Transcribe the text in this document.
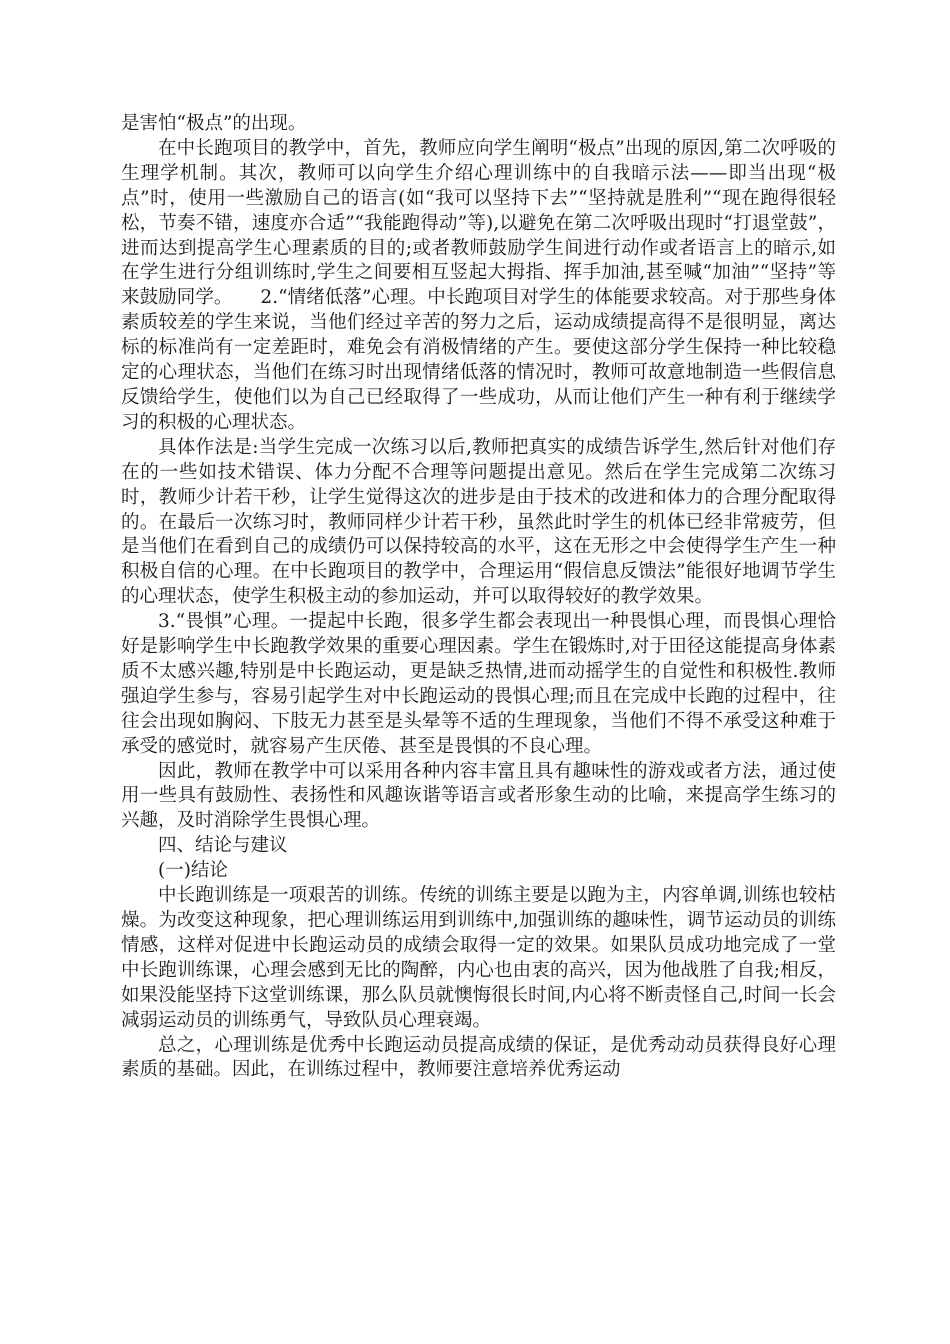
是害怕“极点”的出现。

在中长跑项目的教学中，首先，教师应向学生阐明“极点”出现的原因,第二次呼吸的生理学机制。其次，教师可以向学生介绍心理训练中的自我暗示法——即当出现“极点”时，使用一些激励自己的语言(如“我可以坚持下去”“坚持就是胜利”“现在跑得很轻松，节奏不错，速度亦合适”“我能跑得动”等),以避免在第二次呼吸出现时“打退堂鼓”，进而达到提高学生心理素质的目的;或者教师鼓励学生间进行动作或者语言上的暗示,如在学生进行分组训练时,学生之间要相互竖起大拇指、挥手加油,甚至喊“加油”“坚持”等来鼓励同学。　　2.“情绪低落”心理。中长跑项目对学生的体能要求较高。对于那些身体素质较差的学生来说，当他们经过辛苦的努力之后，运动成绩提高得不是很明显，离达标的标准尚有一定差距时，难免会有消极情绪的产生。要使这部分学生保持一种比较稳定的心理状态，当他们在练习时出现情绪低落的情况时，教师可故意地制造一些假信息反馈给学生，使他们以为自己已经取得了一些成功，从而让他们产生一种有利于继续学习的积极的心理状态。

具体作法是:当学生完成一次练习以后,教师把真实的成绩告诉学生,然后针对他们存在的一些如技术错误、体力分配不合理等问题提出意见。然后在学生完成第二次练习时，教师少计若干秒，让学生觉得这次的进步是由于技术的改进和体力的合理分配取得的。在最后一次练习时，教师同样少计若干秒，虽然此时学生的机体已经非常疲劳，但是当他们在看到自己的成绩仍可以保持较高的水平，这在无形之中会使得学生产生一种积极自信的心理。在中长跑项目的教学中，合理运用“假信息反馈法”能很好地调节学生的心理状态，使学生积极主动的参加运动，并可以取得较好的教学效果。

3.“畏惧”心理。一提起中长跑，很多学生都会表现出一种畏惧心理，而畏惧心理恰好是影响学生中长跑教学效果的重要心理因素。学生在锻炼时,对于田径这能提高身体素质不太感兴趣,特别是中长跑运动，更是缺乏热情,进而动摇学生的自觉性和积极性.教师强迫学生参与，容易引起学生对中长跑运动的畏惧心理;而且在完成中长跑的过程中，往往会出现如胸闷、下肢无力甚至是头晕等不适的生理现象，当他们不得不承受这种难于承受的感觉时，就容易产生厌倦、甚至是畏惧的不良心理。

因此，教师在教学中可以采用各种内容丰富且具有趣味性的游戏或者方法，通过使用一些具有鼓励性、表扬性和风趣诙谐等语言或者形象生动的比喻，来提高学生练习的兴趣，及时消除学生畏惧心理。

四、结论与建议

(一)结论

中长跑训练是一项艰苦的训练。传统的训练主要是以跑为主，内容单调,训练也较枯燥。为改变这种现象，把心理训练运用到训练中,加强训练的趣味性，调节运动员的训练情感，这样对促进中长跑运动员的成绩会取得一定的效果。如果队员成功地完成了一堂中长跑训练课，心理会感到无比的陶醉，内心也由衷的高兴，因为他战胜了自我;相反，如果没能坚持下这堂训练课，那么队员就懊悔很长时间,内心将不断责怪自己,时间一长会减弱运动员的训练勇气，导致队员心理衰竭。

总之，心理训练是优秀中长跑运动员提高成绩的保证，是优秀动动员获得良好心理素质的基础。因此，在训练过程中，教师要注意培养优秀运动
